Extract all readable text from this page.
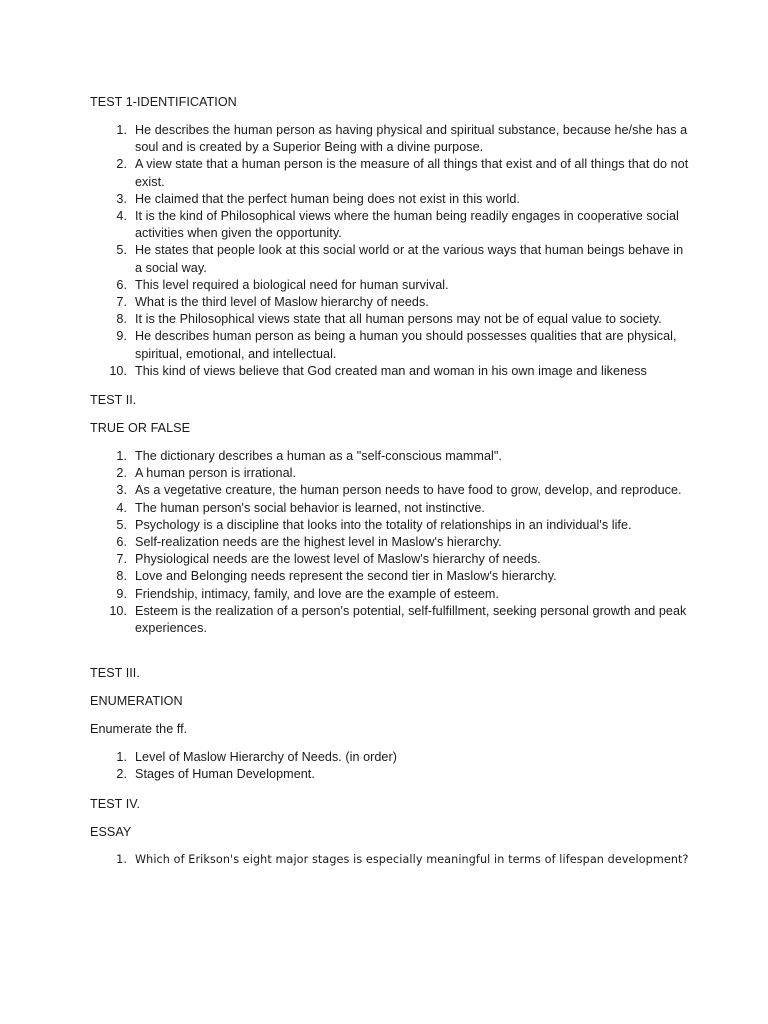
TEST 1-IDENTIFICATION
1. He describes the human person as having physical and spiritual substance, because he/she has a soul and is created by a Superior Being with a divine purpose.
2. A view state that a human person is the measure of all things that exist and of all things that do not exist.
3. He claimed that the perfect human being does not exist in this world.
4. It is the kind of Philosophical views where the human being readily engages in cooperative social activities when given the opportunity.
5. He states that people look at this social world or at the various ways that human beings behave in a social way.
6. This level required a biological need for human survival.
7. What is the third level of Maslow hierarchy of needs.
8. It is the Philosophical views state that all human persons may not be of equal value to society.
9. He describes human person as being a human you should possesses qualities that are physical, spiritual, emotional, and intellectual.
10. This kind of views believe that God created man and woman in his own image and likeness
TEST II.
TRUE OR FALSE
1. The dictionary describes a human as a "self-conscious mammal".
2. A human person is irrational.
3. As a vegetative creature, the human person needs to have food to grow, develop, and reproduce.
4. The human person's social behavior is learned, not instinctive.
5. Psychology is a discipline that looks into the totality of relationships in an individual's life.
6. Self-realization needs are the highest level in Maslow's hierarchy.
7. Physiological needs are the lowest level of Maslow's hierarchy of needs.
8. Love and Belonging needs represent the second tier in Maslow's hierarchy.
9. Friendship, intimacy, family, and love are the example of esteem.
10. Esteem is the realization of a person's potential, self-fulfillment, seeking personal growth and peak experiences.
TEST III.
ENUMERATION
Enumerate the ff.
1. Level of Maslow Hierarchy of Needs. (in order)
2. Stages of Human Development.
TEST IV.
ESSAY
1. Which of Erikson's eight major stages is especially meaningful in terms of lifespan development?
